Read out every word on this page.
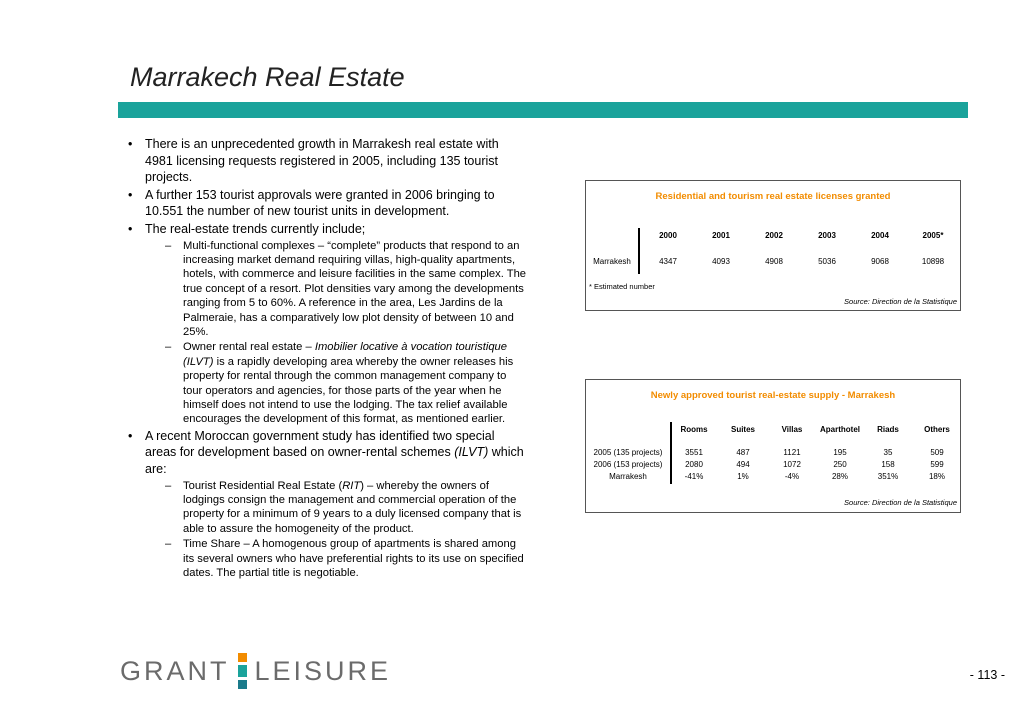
Marrakech Real Estate
•	There is an unprecedented growth in Marrakesh real estate with 4981 licensing requests registered in 2005, including 135 tourist projects.
•	A further 153 tourist approvals were granted in 2006 bringing to 10.551 the number of new tourist units in development.
•	The real-estate trends currently include;
–	Multi-functional complexes – “complete” products that respond to an increasing market demand requiring villas, high-quality apartments, hotels, with commerce and leisure facilities in the same complex. The true concept of a resort. Plot densities vary among the developments ranging from 5 to 60%. A reference in the area, Les Jardins de la Palmeraie, has a comparatively low plot density of between 10 and 25%.
–	Owner rental real estate – Imobilier locative à vocation touristique (ILVT) is a rapidly developing area whereby the owner releases his property for rental through the common management company to tour operators and agencies, for those parts of the year when he himself does not intend to use the lodging. The tax relief available encourages the development of this format, as mentioned earlier.
•	A recent Moroccan government study has identified two special areas for development based on owner-rental schemes (ILVT) which are:
–	Tourist Residential Real Estate (RIT) – whereby the owners of lodgings consign the management and commercial operation of the property for a minimum of 9 years to a duly licensed company that is able to assure the homogeneity of the product.
–	Time Share – A homogenous group of apartments is shared among its several owners who have preferential rights to its use on specified dates. The partial title is negotiable.
Residential and tourism real estate licenses granted
2000	2001	2002	2003	2004	2005*
Marrakesh	4347	4093	4908	5036	9068	10898
* Estimated number
Source: Direction de la Statistique
Newly approved tourist real-estate supply - Marrakesh
Rooms	Suites	Villas	Aparthotel	Riads	Others
2005 (135 projects)	3551	487	1121	195	35	509
2006 (153 projects)	2080	494	1072	250	158	599
Marrakesh	-41%	1%	-4%	28%	351%	18%
Source: Direction de la Statistique
GRANT LEISURE	- 113 -
